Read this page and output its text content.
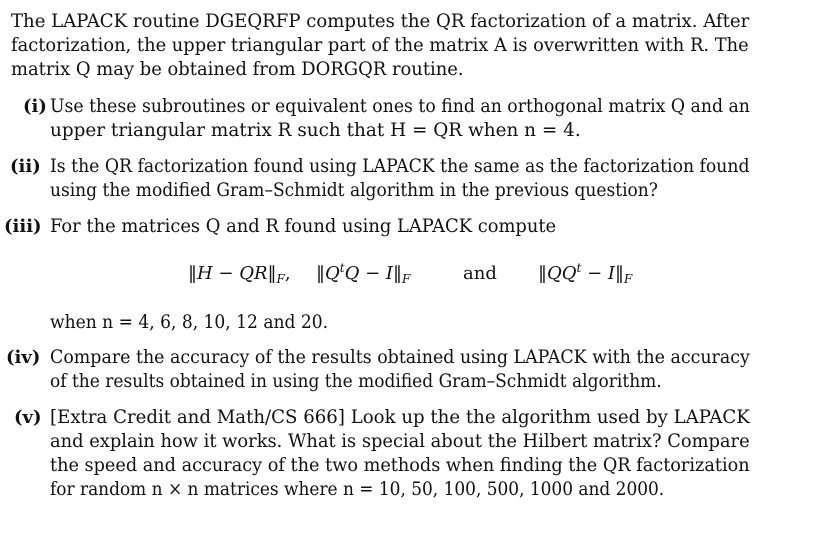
The LAPACK routine DGEQRFP computes the QR factorization of a matrix. After
factorization, the upper triangular part of the matrix A is overwritten with R. The
matrix Q may be obtained from DORGQR routine.
(i) Use these subroutines or equivalent ones to find an orthogonal matrix Q and an
upper triangular matrix R such that H = QR when n = 4.
(ii) Is the QR factorization found using LAPACK the same as the factorization found
using the modified Gram–Schmidt algorithm in the previous question?
(iii) For the matrices Q and R found using LAPACK compute
‖H − $QR‖_F$, $‖Q^tQ$ − $I‖_F$	and $‖QQ^t$ − $I‖_F$
when n = 4, 6, 8, 10, 12 and 20.
(iv) Compare the accuracy of the results obtained using LAPACK with the accuracy
of the results obtained in using the modified Gram–Schmidt algorithm.
(v) [Extra Credit and Math/CS 666] Look up the the algorithm used by LAPACK
and explain how it works. What is special about the Hilbert matrix? Compare
the speed and accuracy of the two methods when finding the QR factorization
for random n × n matrices where n = 10, 50, 100, 500, 1000 and 2000.
